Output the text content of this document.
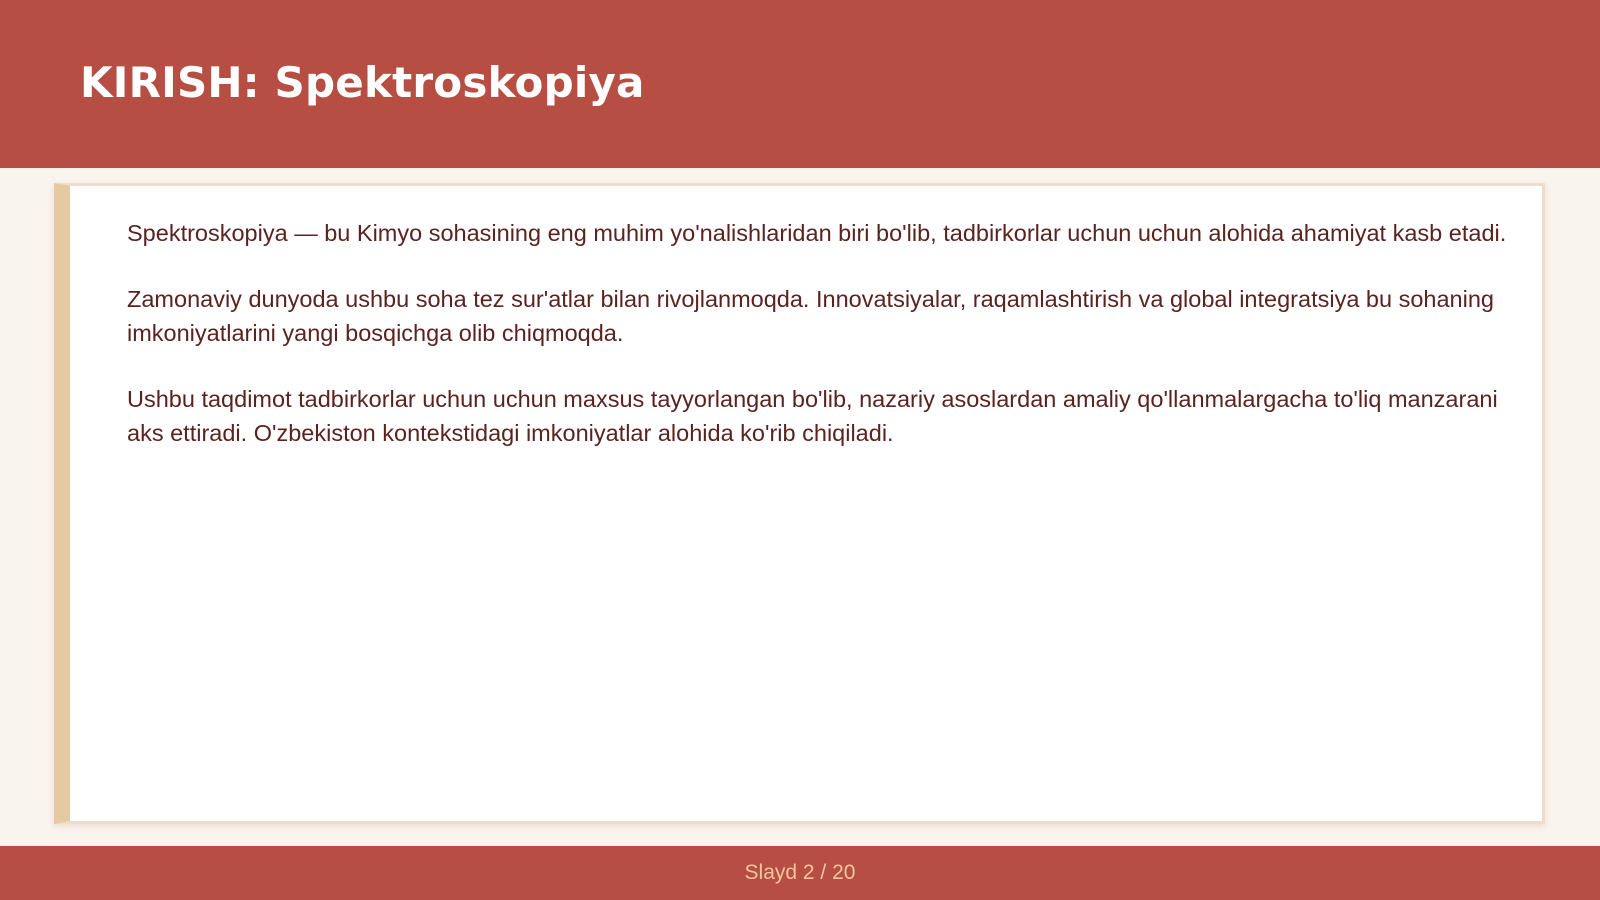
KIRISH: Spektroskopiya

Spektroskopiya — bu Kimyo sohasining eng muhim yo'nalishlaridan biri bo'lib, tadbirkorlar uchun uchun alohida ahamiyat kasb etadi.

Zamonaviy dunyoda ushbu soha tez sur'atlar bilan rivojlanmoqda. Innovatsiyalar, raqamlashtirish va global integratsiya bu sohaning imkoniyatlarini yangi bosqichga olib chiqmoqda.

Ushbu taqdimot tadbirkorlar uchun uchun maxsus tayyorlangan bo'lib, nazariy asoslardan amaliy qo'llanmalargacha to'liq manzarani aks ettiradi. O'zbekiston kontekstidagi imkoniyatlar alohida ko'rib chiqiladi.

Slayd 2 / 20
